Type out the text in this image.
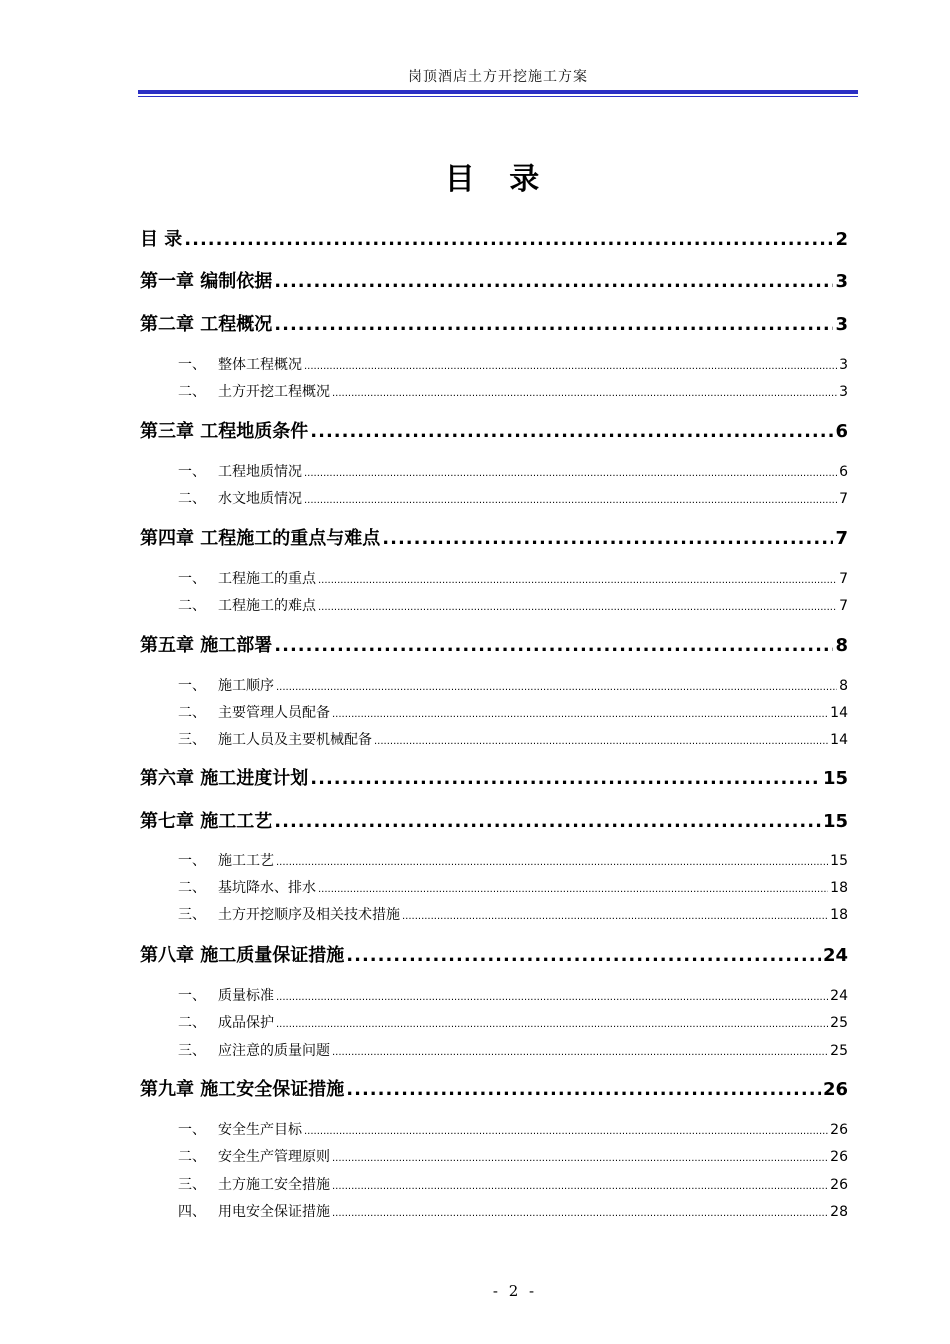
岗顶酒店土方开挖施工方案
目 录
目 录 .....	2
第一章 编制依据 .....	3
第二章 工程概况 .....	3
一、 整体工程概况 .....	3
二、 土方开挖工程概况 .....	3
第三章 工程地质条件 .....	6
一、 工程地质情况 .....	6
二、 水文地质情况 .....	7
第四章 工程施工的重点与难点 .....	7
一、 工程施工的重点 .....	7
二、 工程施工的难点 .....	7
第五章 施工部署 .....	8
一、 施工顺序 .....	8
二、 主要管理人员配备 .....	14
三、 施工人员及主要机械配备 .....	14
第六章 施工进度计划 .....	15
第七章 施工工艺 .....	15
一、 施工工艺 .....	15
二、 基坑降水、排水 .....	18
三、 土方开挖顺序及相关技术措施 .....	18
第八章 施工质量保证措施 .....	24
一、 质量标准 .....	24
二、 成品保护 .....	25
三、 应注意的质量问题 .....	25
第九章 施工安全保证措施 .....	26
一、 安全生产目标 .....	26
二、 安全生产管理原则 .....	26
三、 土方施工安全措施 .....	26
四、 用电安全保证措施 .....	28
- 2 -
